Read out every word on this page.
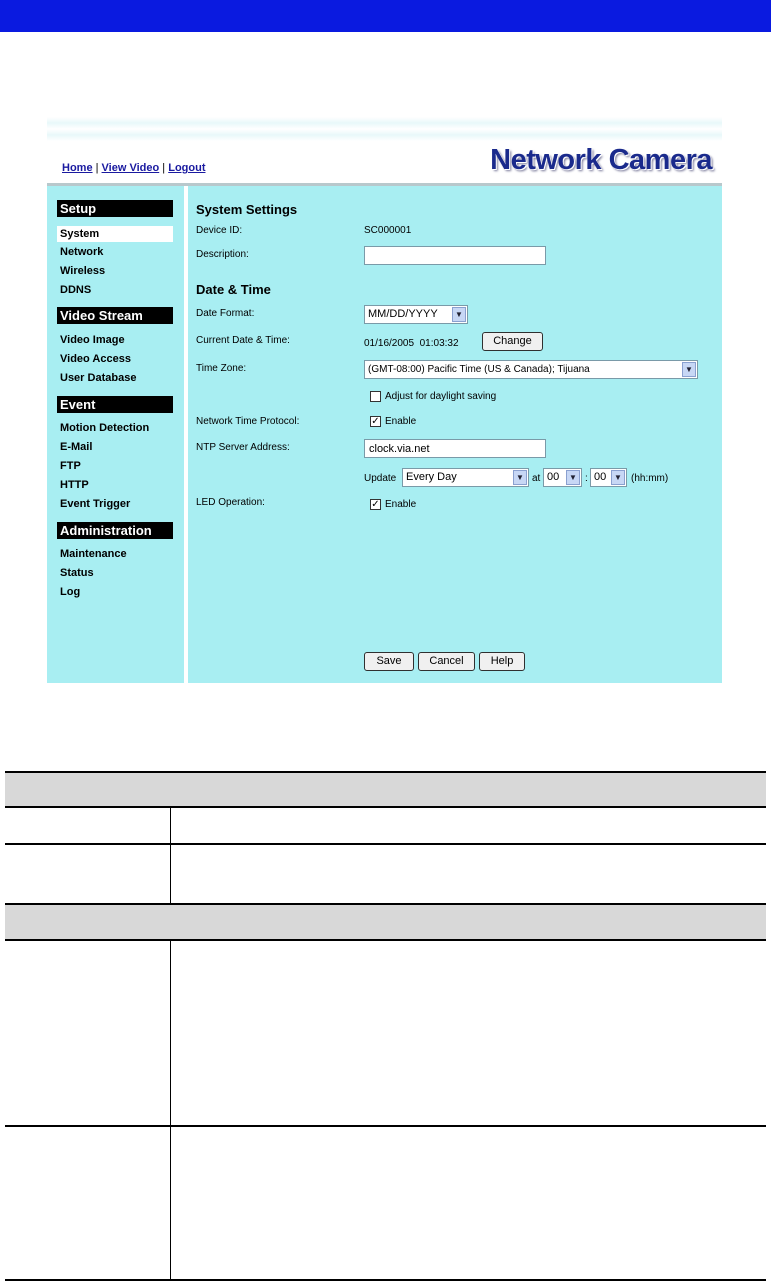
Home | View Video | Logout	Network Camera
Setup
System
Network
Wireless
DDNS
Video Stream
Video Image
Video Access
User Database
Event
Motion Detection
E-Mail
FTP
HTTP
Event Trigger
Administration
Maintenance
Status
Log
System Settings
Device ID:	SC000001
Description:
Date & Time
Date Format:	MM/DD/YYYY	▼
Current Date & Time:	01/16/2005  01:03:32	Change
Time Zone:	(GMT-08:00) Pacific Time (US & Canada); Tijuana	▼
Adjust for daylight saving
Network Time Protocol:	✓ Enable
NTP Server Address:
clock.via.net
Update Every Day	▼ at 00	▼ : 00 ▼ (hh:mm)
LED Operation:	✓ Enable
Save	Cancel	Help
